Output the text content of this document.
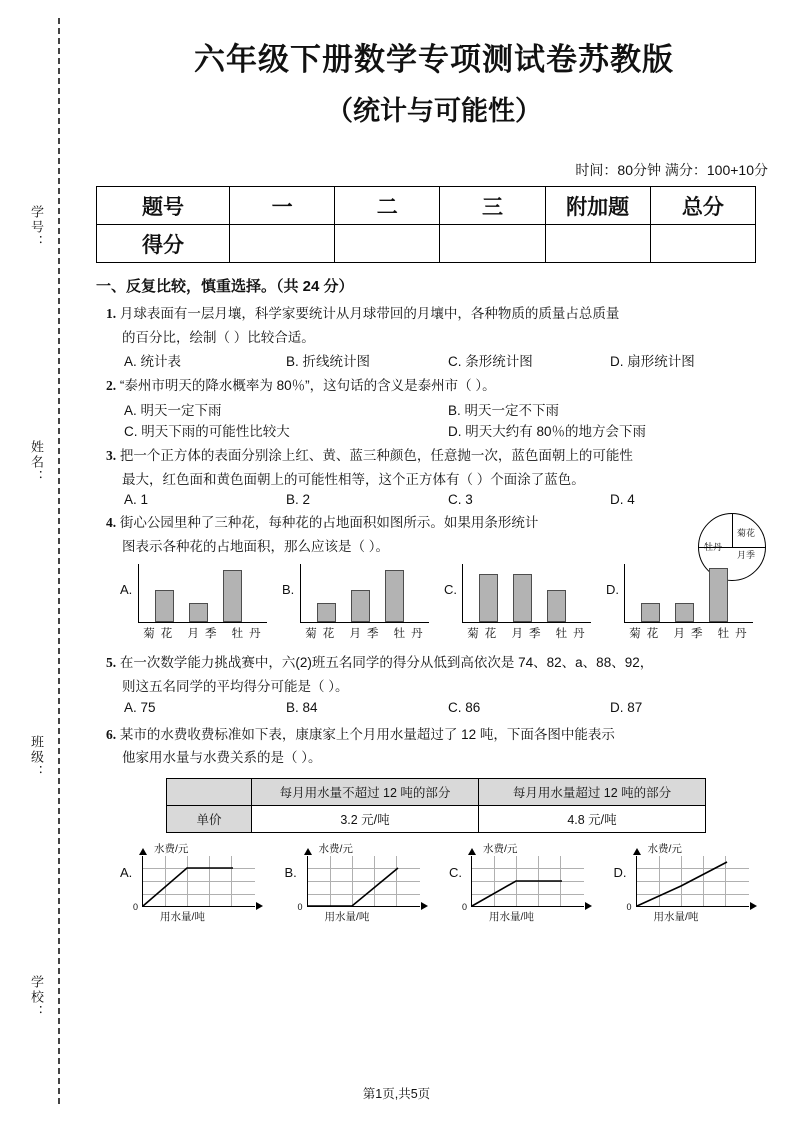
学号：
姓名：
班级：
学校：
六年级下册数学专项测试卷苏教版
（统计与可能性）
时间：80分钟 满分：100+10分
题号	一	二	三	附加题	总分
得分					
一、反复比较，慎重选择。（共 24 分）
1. 月球表面有一层月壤，科学家要统计从月球带回的月壤中，各种物质的质量占总质量
的百分比，绘制（ ）比较合适。
A. 统计表	B. 折线统计图	C. 条形统计图	D. 扇形统计图
2. “泰州市明天的降水概率为 80％”，这句话的含义是泰州市（ ）。
A. 明天一定下雨	B. 明天一定不下雨
C. 明天下雨的可能性比较大	D. 明天大约有 80％的地方会下雨
3. 把一个正方体的表面分别涂上红、黄、蓝三种颜色，任意抛一次，蓝色面朝上的可能性
最大，红色面和黄色面朝上的可能性相等，这个正方体有（ ）个面涂了蓝色。
A. 1	B. 2	C. 3	D. 4
4. 街心公园里种了三种花，每种花的占地面积如图所示。如果用条形统计
图表示各种花的占地面积，那么应该是（ ）。	牡丹
菊花
月季
A.
菊花 月季 牡丹
B.
菊花 月季 牡丹
C.
菊花 月季 牡丹
D.
菊花 月季 牡丹
5. 在一次数学能力挑战赛中，六(2)班五名同学的得分从低到高依次是 74、82、a、88、92，
则这五名同学的平均得分可能是（ ）。
A. 75	B. 84	C. 86	D. 87
6. 某市的水费收费标准如下表，康康家上个月用水量超过了 12 吨，下面各图中能表示
他家用水量与水费关系的是（ ）。
	每月用水量不超过 12 吨的部分	每月用水量超过 12 吨的部分
单价	3.2 元/吨	4.8 元/吨
A.
水费/元
0
用水量/吨
B.
水费/元
0
用水量/吨
C.
水费/元
0
用水量/吨
D.
水费/元
0
用水量/吨
第1页,共5页
